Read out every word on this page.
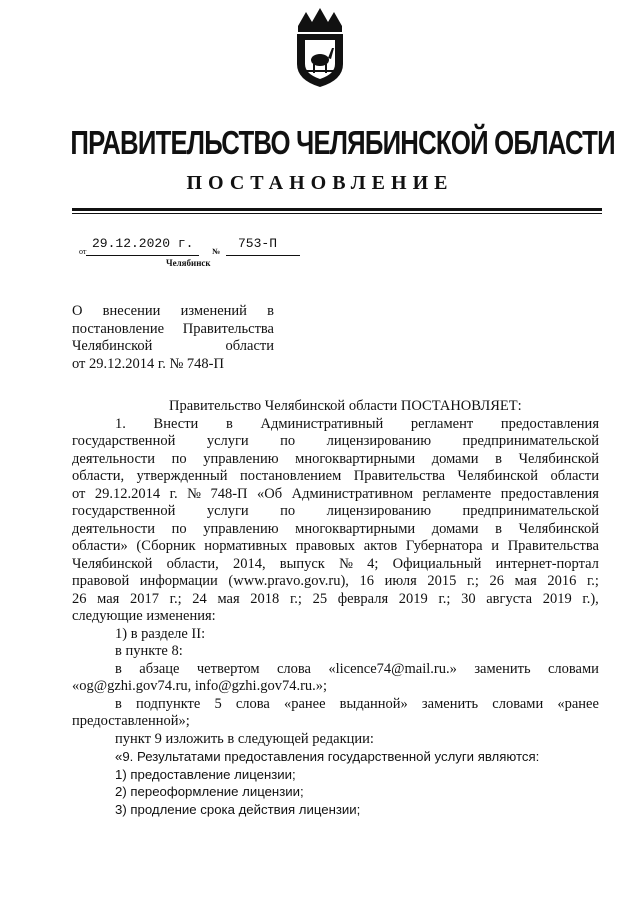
ПРАВИТЕЛЬСТВО ЧЕЛЯБИНСКОЙ ОБЛАСТИ
ПОСТАНОВЛЕНИЕ
от
29.12.2020 г.
№
753-П
Челябинск
О внесении изменений в
постановление Правительства
Челябинской	области
от 29.12.2014 г. № 748-П
Правительство Челябинской области ПОСТАНОВЛЯЕТ:
1. Внести в Административный регламент предоставления
государственной услуги по лицензированию предпринимательской
деятельности по управлению многоквартирными домами в Челябинской
области, утвержденный постановлением Правительства Челябинской области
от 29.12.2014 г. № 748-П «Об Административном регламенте предоставления
государственной услуги по лицензированию предпринимательской
деятельности по управлению многоквартирными домами в Челябинской
области» (Сборник нормативных правовых актов Губернатора и Правительства
Челябинской области, 2014, выпуск № 4; Официальный интернет-портал
правовой информации (www.pravo.gov.ru), 16 июля 2015 г.; 26 мая 2016 г.;
26 мая 2017 г.; 24 мая 2018 г.; 25 февраля 2019 г.; 30 августа 2019 г.),
следующие изменения:
1) в разделе II:
в пункте 8:
в абзаце четвертом слова «licence74@mail.ru.» заменить словами
«og@gzhi.gov74.ru, info@gzhi.gov74.ru.»;
в подпункте 5 слова «ранее выданной» заменить словами «ранее
предоставленной»;
пункт 9 изложить в следующей редакции:
«9. Результатами предоставления государственной услуги являются:
1) предоставление лицензии;
2) переоформление лицензии;
3) продление срока действия лицензии;
